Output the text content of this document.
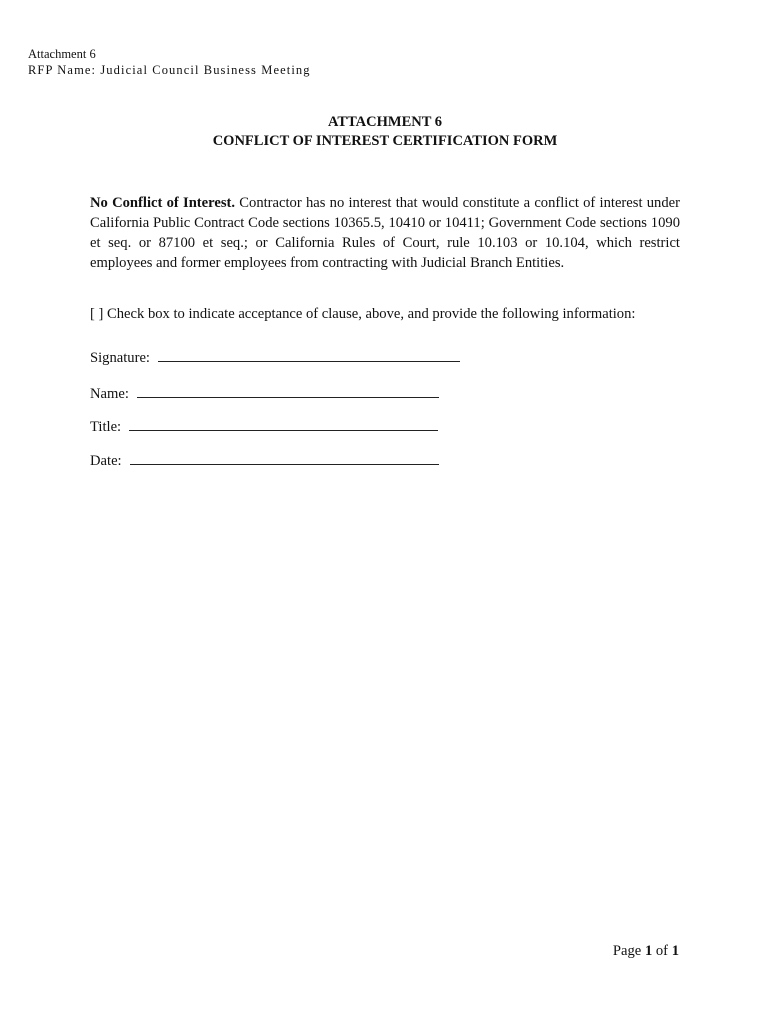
Attachment 6
RFP Name: Judicial Council Business Meeting
ATTACHMENT 6
CONFLICT OF INTEREST CERTIFICATION FORM
No Conflict of Interest. Contractor has no interest that would constitute a conflict of interest under California Public Contract Code sections 10365.5, 10410 or 10411; Government Code sections 1090 et seq. or 87100 et seq.; or California Rules of Court, rule 10.103 or 10.104, which restrict employees and former employees from contracting with Judicial Branch Entities.
[ ] Check box to indicate acceptance of clause, above, and provide the following information:
Signature:
Name:
Title:
Date:
Page 1 of 1
